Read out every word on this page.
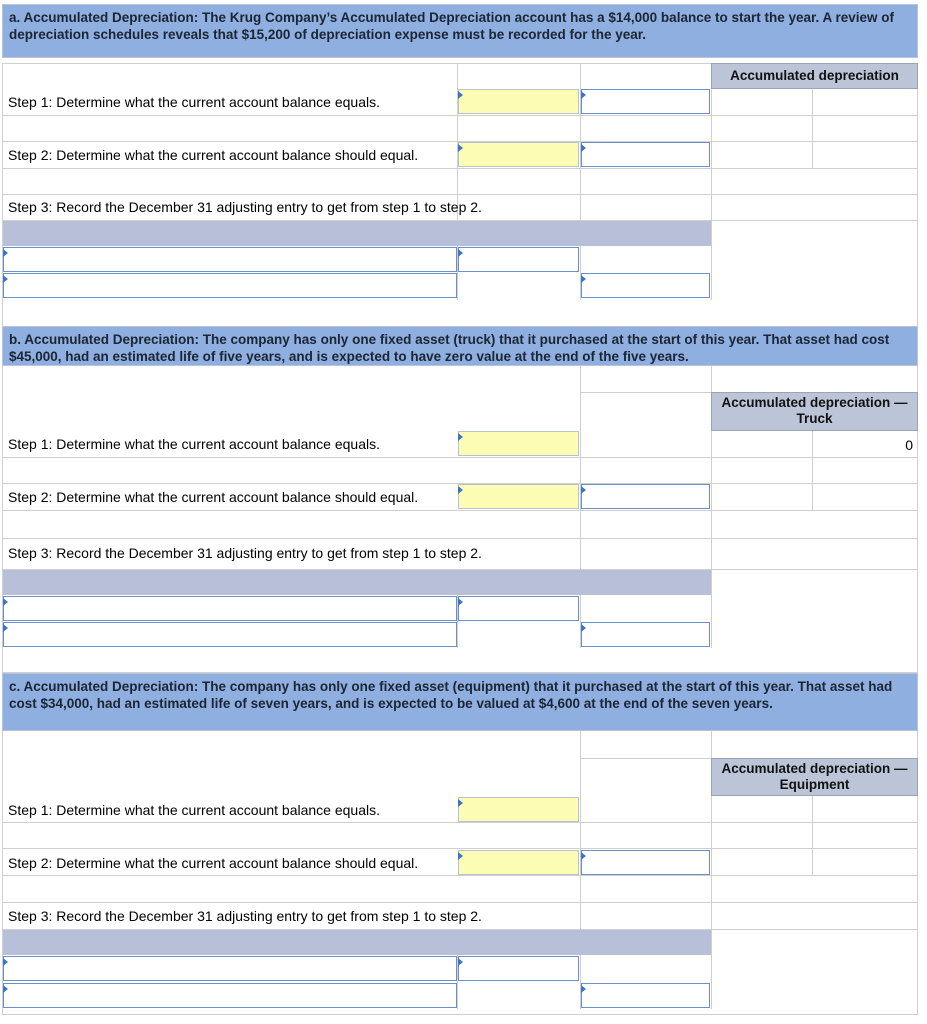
a. Accumulated Depreciation: The Krug Company’s Accumulated Depreciation account has a $14,000 balance to start the year. A review of depreciation schedules reveals that $15,200 of depreciation expense must be recorded for the year.
Accumulated depreciation
Step 1: Determine what the current account balance equals.
Step 2: Determine what the current account balance should equal.
Step 3: Record the December 31 adjusting entry to get from step 1 to step 2.
b. Accumulated Depreciation: The company has only one fixed asset (truck) that it purchased at the start of this year. That asset had cost $45,000, had an estimated life of five years, and is expected to have zero value at the end of the five years.
Accumulated depreciation —Truck
Step 1: Determine what the current account balance equals.	0
Step 2: Determine what the current account balance should equal.
Step 3: Record the December 31 adjusting entry to get from step 1 to step 2.
c. Accumulated Depreciation: The company has only one fixed asset (equipment) that it purchased at the start of this year. That asset had cost $34,000, had an estimated life of seven years, and is expected to be valued at $4,600 at the end of the seven years.
Accumulated depreciation —Equipment
Step 1: Determine what the current account balance equals.
Step 2: Determine what the current account balance should equal.
Step 3: Record the December 31 adjusting entry to get from step 1 to step 2.
